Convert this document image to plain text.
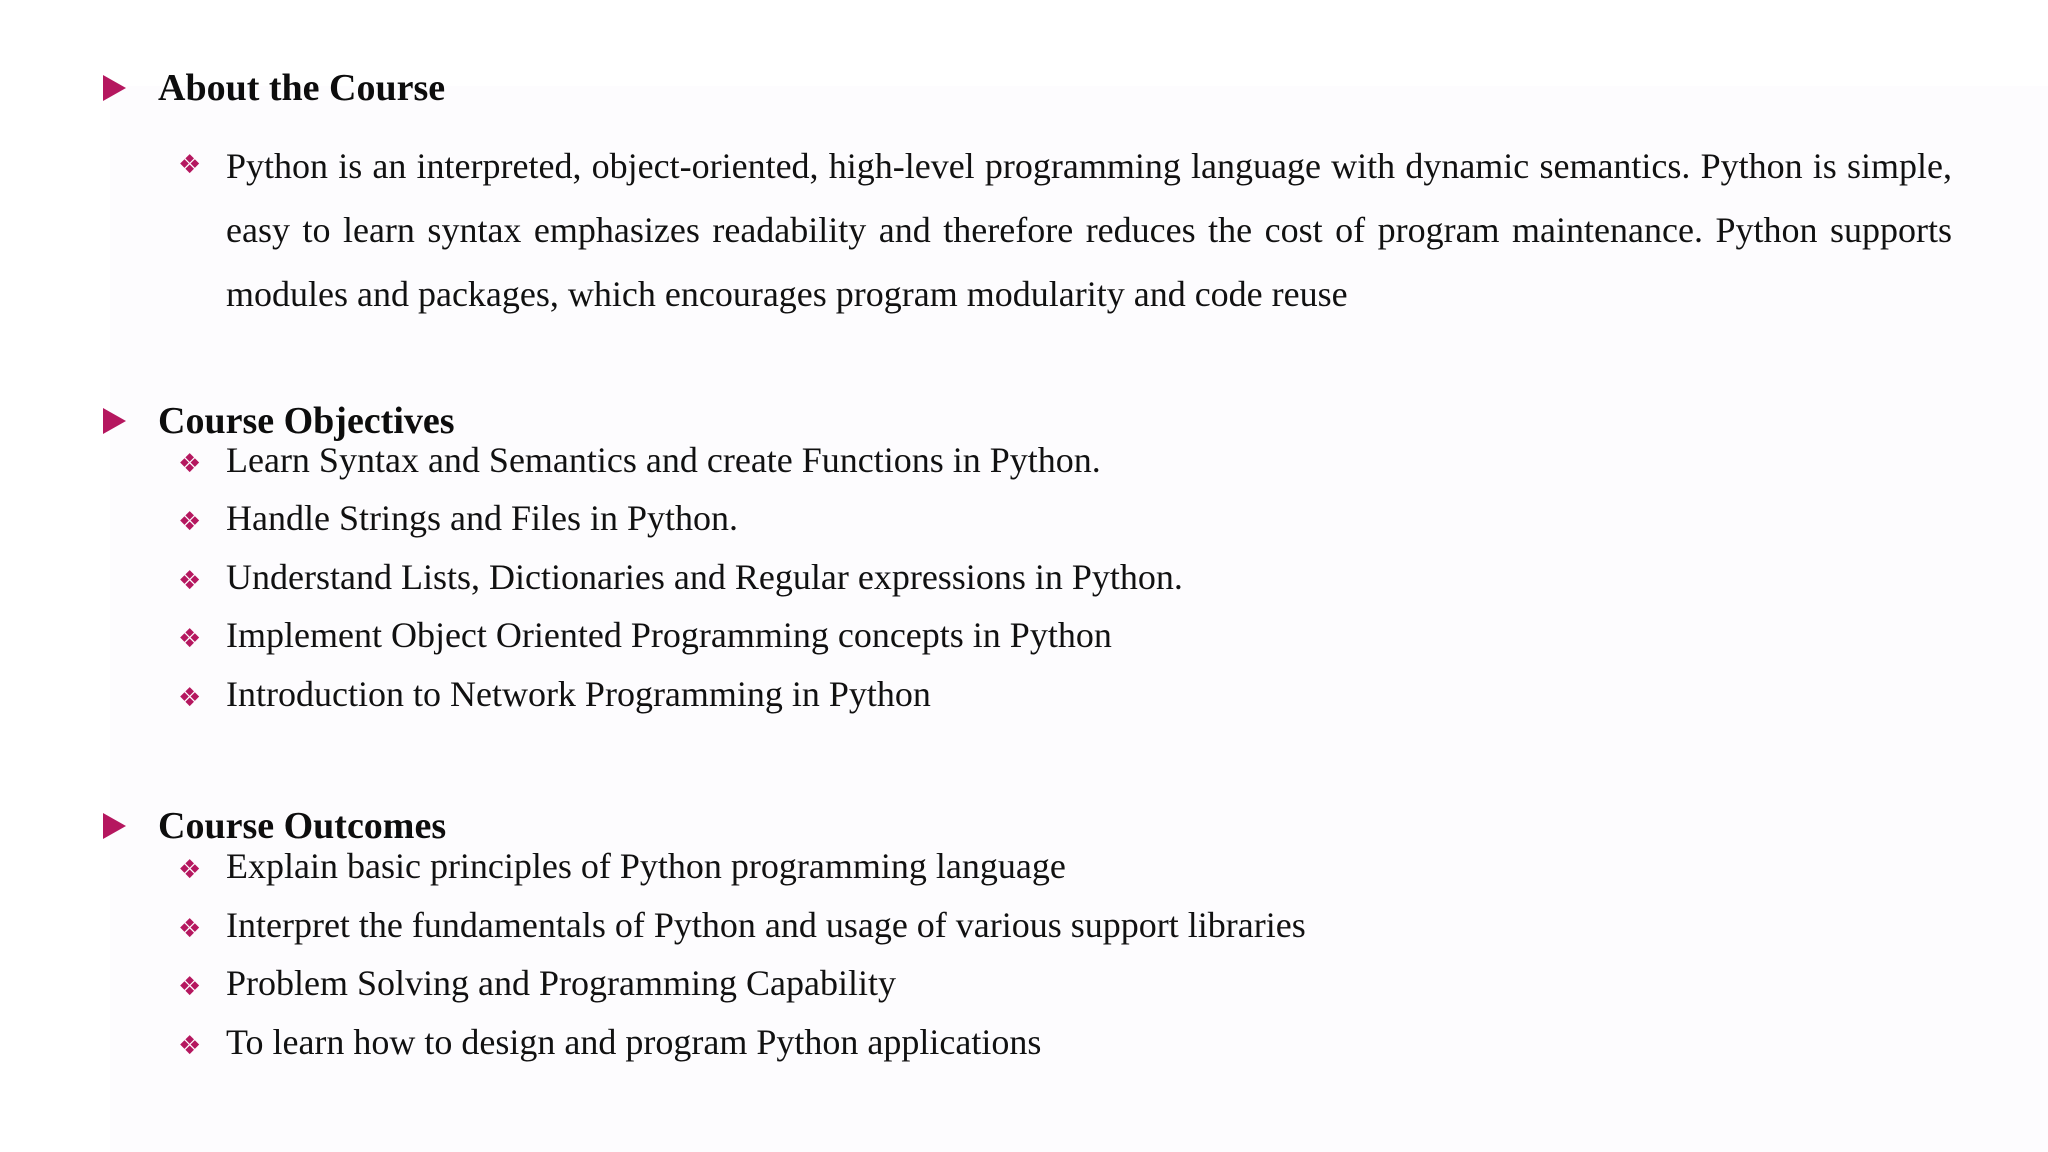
About the Course
❖ Python is an interpreted, object-oriented, high-level programming language with dynamic semantics. Python is simple, easy to learn syntax emphasizes readability and therefore reduces the cost of program maintenance. Python supports modules and packages, which encourages program modularity and code reuse
Course Objectives
❖ Learn Syntax and Semantics and create Functions in Python.
❖ Handle Strings and Files in Python.
❖ Understand Lists, Dictionaries and Regular expressions in Python.
❖ Implement Object Oriented Programming concepts in Python
❖ Introduction to Network Programming in Python
Course Outcomes
❖ Explain basic principles of Python programming language
❖ Interpret the fundamentals of Python and usage of various support libraries
❖ Problem Solving and Programming Capability
❖ To learn how to design and program Python applications
